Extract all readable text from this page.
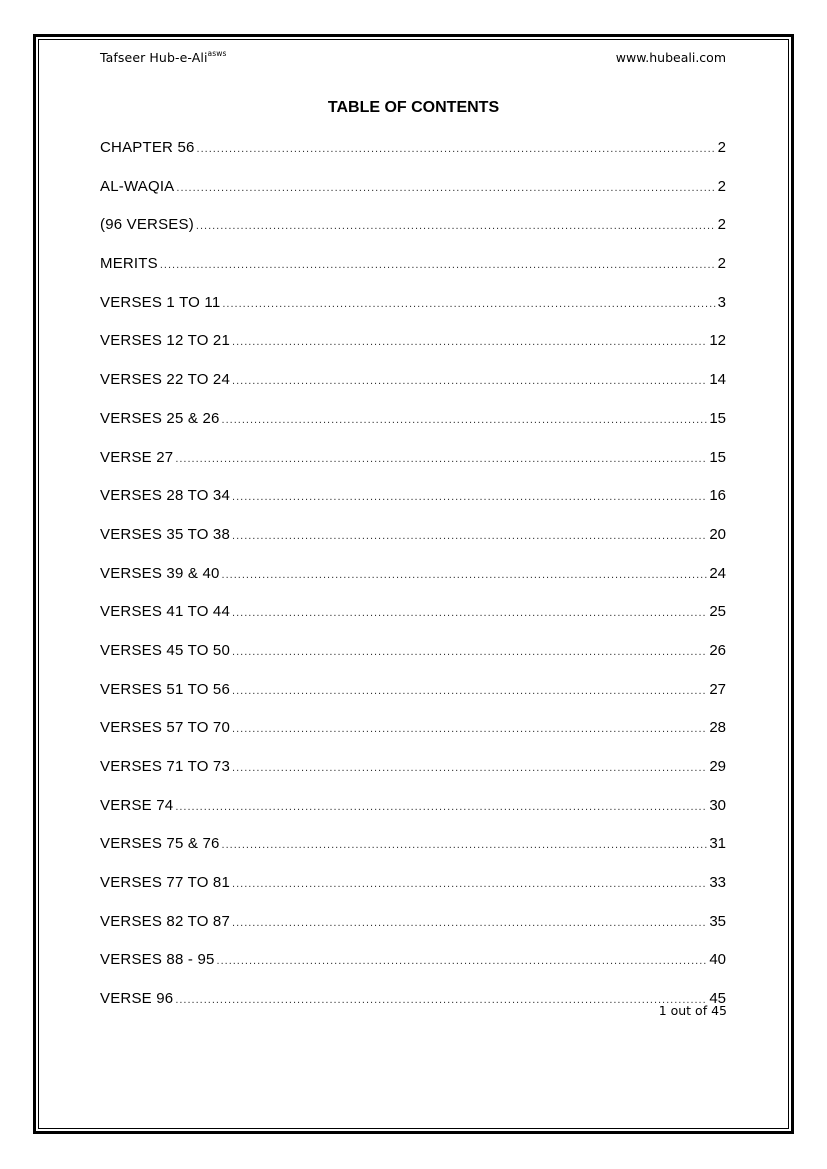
Tafseer Hub-e-Ali$^{asws}$	www.hubeali.com
TABLE OF CONTENTS
CHAPTER 56 .....	2
AL-WAQIA .....	2
(96 VERSES) .....	2
MERITS .....	2
VERSES 1 TO 11 .....	3
VERSES 12 TO 21 .....	12
VERSES 22 TO 24 .....	14
VERSES 25 & 26 .....	15
VERSE 27 .....	15
VERSES 28 TO 34 .....	16
VERSES 35 TO 38 .....	20
VERSES 39 & 40 .....	24
VERSES 41 TO 44 .....	25
VERSES 45 TO 50 .....	26
VERSES 51 TO 56 .....	27
VERSES 57 TO 70 .....	28
VERSES 71 TO 73 .....	29
VERSE 74 .....	30
VERSES 75 & 76 .....	31
VERSES 77 TO 81 .....	33
VERSES 82 TO 87 .....	35
VERSES 88 - 95 .....	40
VERSE 96 .....	45
1 out of 45
